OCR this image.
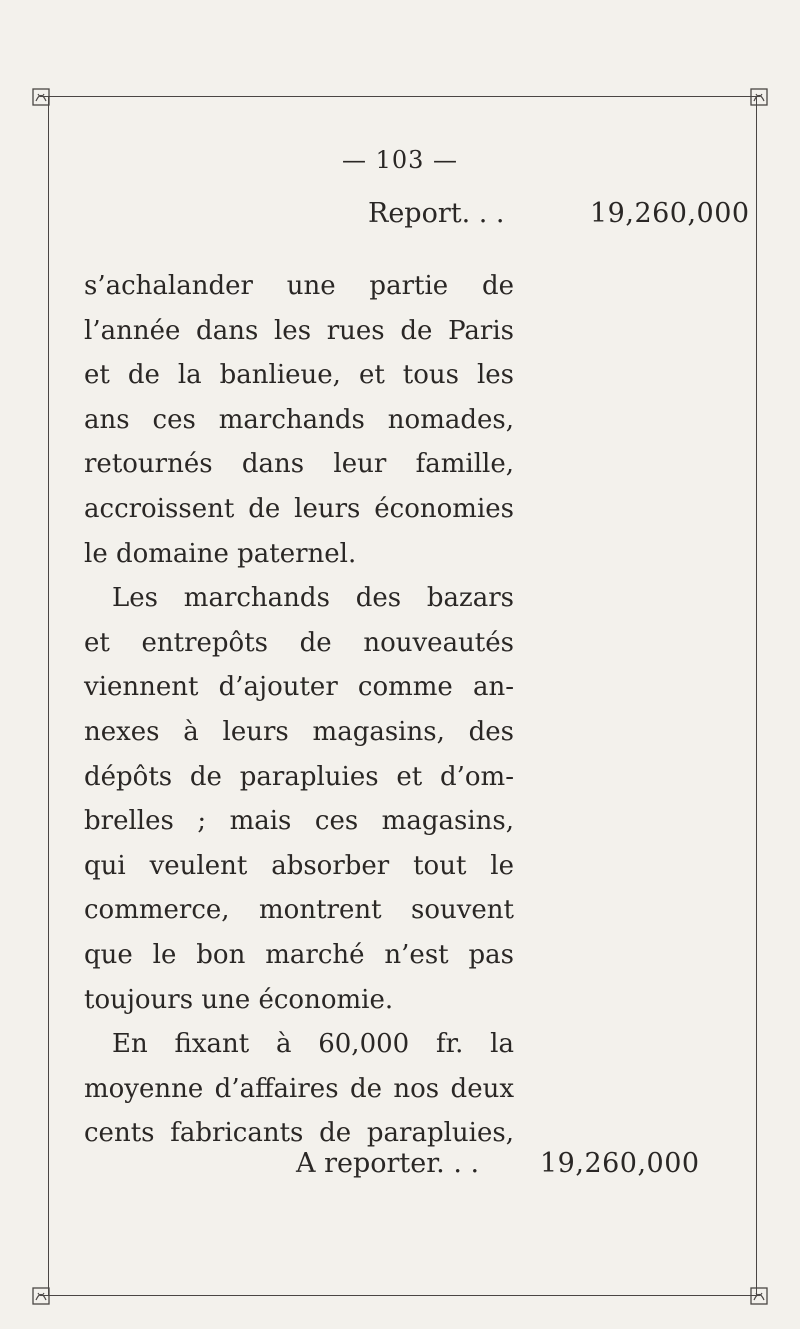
— 103 —
Report. . .	19,260,000
s’achalander une partie de
l’année dans les rues de Paris
et de la banlieue, et tous les
ans ces marchands nomades,
retournés dans leur famille,
accroissent de leurs économies
le domaine paternel.
Les marchands des bazars
et entrepôts de nouveautés
viennent d’ajouter comme an-
nexes à leurs magasins, des
dépôts de parapluies et d’om-
brelles ; mais ces magasins,
qui veulent absorber tout le
commerce, montrent souvent
que le bon marché n’est pas
toujours une économie.
En fixant à 60,000 fr. la
moyenne d’affaires de nos deux
cents fabricants de parapluies,
A reporter. . . 19,260,000
